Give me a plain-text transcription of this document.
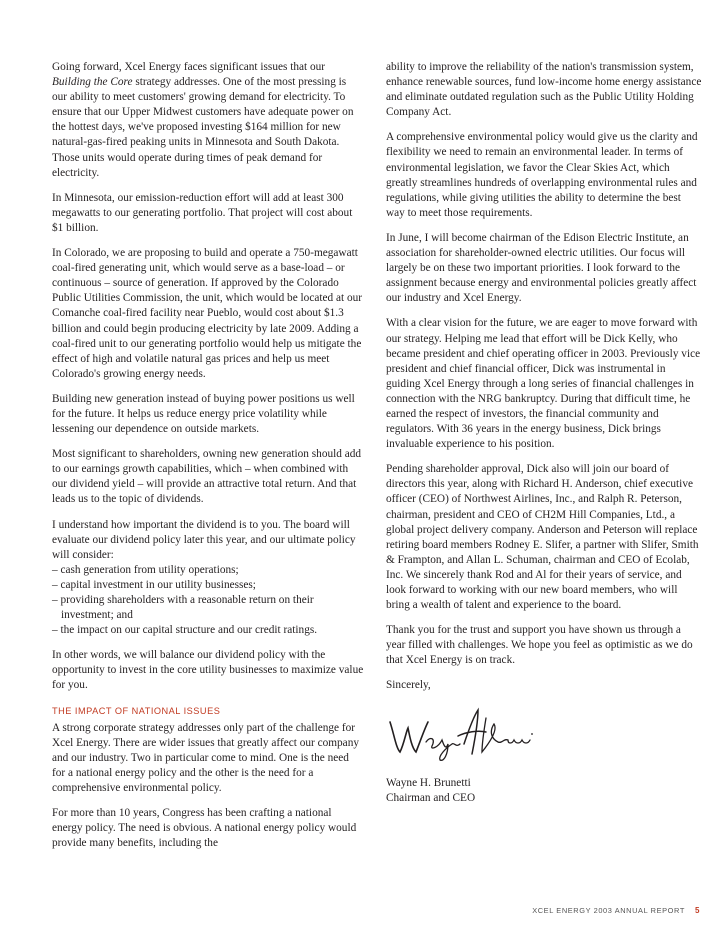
Going forward, Xcel Energy faces significant issues that our Building the Core strategy addresses. One of the most pressing is our ability to meet customers' growing demand for electricity. To ensure that our Upper Midwest customers have adequate power on the hottest days, we've proposed investing $164 million for new natural-gas-fired peaking units in Minnesota and South Dakota. Those units would operate during times of peak demand for electricity.

In Minnesota, our emission-reduction effort will add at least 300 megawatts to our generating portfolio. That project will cost about $1 billion.

In Colorado, we are proposing to build and operate a 750-megawatt coal-fired generating unit, which would serve as a base-load – or continuous – source of generation. If approved by the Colorado Public Utilities Commission, the unit, which would be located at our Comanche coal-fired facility near Pueblo, would cost about $1.3 billion and could begin producing electricity by late 2009. Adding a coal-fired unit to our generating portfolio would help us mitigate the effect of high and volatile natural gas prices and help us meet Colorado's growing energy needs.

Building new generation instead of buying power positions us well for the future. It helps us reduce energy price volatility while lessening our dependence on outside markets.

Most significant to shareholders, owning new generation should add to our earnings growth capabilities, which – when combined with our dividend yield – will provide an attractive total return. And that leads us to the topic of dividends.

I understand how important the dividend is to you. The board will evaluate our dividend policy later this year, and our ultimate policy will consider:
– cash generation from utility operations;
– capital investment in our utility businesses;
– providing shareholders with a reasonable return on their investment; and
– the impact on our capital structure and our credit ratings.

In other words, we will balance our dividend policy with the opportunity to invest in the core utility businesses to maximize value for you.

THE IMPACT OF NATIONAL ISSUES

A strong corporate strategy addresses only part of the challenge for Xcel Energy. There are wider issues that greatly affect our company and our industry. Two in particular come to mind. One is the need for a national energy policy and the other is the need for a comprehensive environmental policy.

For more than 10 years, Congress has been crafting a national energy policy. The need is obvious. A national energy policy would provide many benefits, including the

ability to improve the reliability of the nation's transmission system, enhance renewable sources, fund low-income home energy assistance and eliminate outdated regulation such as the Public Utility Holding Company Act.

A comprehensive environmental policy would give us the clarity and flexibility we need to remain an environmental leader. In terms of environmental legislation, we favor the Clear Skies Act, which greatly streamlines hundreds of overlapping environmental rules and regulations, while giving utilities the ability to determine the best way to meet those requirements.

In June, I will become chairman of the Edison Electric Institute, an association for shareholder-owned electric utilities. Our focus will largely be on these two important priorities. I look forward to the assignment because energy and environmental policies greatly affect our industry and Xcel Energy.

With a clear vision for the future, we are eager to move forward with our strategy. Helping me lead that effort will be Dick Kelly, who became president and chief operating officer in 2003. Previously vice president and chief financial officer, Dick was instrumental in guiding Xcel Energy through a long series of financial challenges in connection with the NRG bankruptcy. During that difficult time, he earned the respect of investors, the financial community and regulators. With 36 years in the energy business, Dick brings invaluable experience to his position.

Pending shareholder approval, Dick also will join our board of directors this year, along with Richard H. Anderson, chief executive officer (CEO) of Northwest Airlines, Inc., and Ralph R. Peterson, chairman, president and CEO of CH2M Hill Companies, Ltd., a global project delivery company. Anderson and Peterson will replace retiring board members Rodney E. Slifer, a partner with Slifer, Smith & Frampton, and Allan L. Schuman, chairman and CEO of Ecolab, Inc. We sincerely thank Rod and Al for their years of service, and look forward to working with our new board members, who will bring a wealth of talent and experience to the board.

Thank you for the trust and support you have shown us through a year filled with challenges. We hope you feel as optimistic as we do that Xcel Energy is on track.

Sincerely,

Wayne H. Brunetti
Chairman and CEO
XCEL ENERGY 2003 ANNUAL REPORT 5
